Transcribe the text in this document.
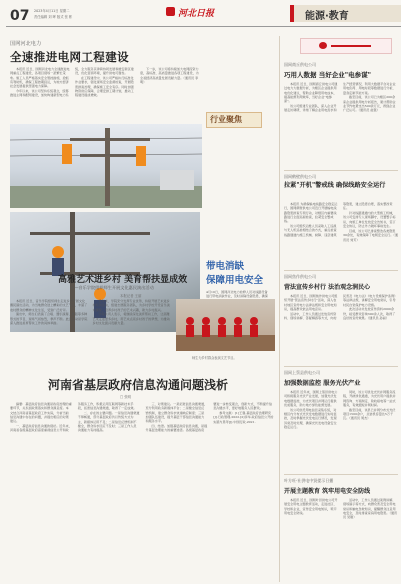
07 2023年4月11日 星期二
责任编辑 刘 晖 版式 张 彬	河北日报	能源·教育
国网河北电力
全速推进电网工程建设

本报讯 近日，国网河北电力全速推进电网重点工程建设，各项目现场一派繁忙景象。施工人员严格落实安全管控措施，抢抓有利时机，确保工程按期投运，为地方经济社会发展提供坚强电力保障。

今年以来，该公司坚持系统观念，统筹推进主网和配网建设，加快构建新型电力系统，全力服务京津冀协同发展和雄安新区建设，优化营商环境，提升供电可靠性。

在工程建设中，该公司严格执行标准化作业要求，强化现场安全监督检查，开展隐患排查治理，确保施工安全有序。同时加强物资供应保障，合理安排工期计划，推动工程建设提质增效。

下一步，该公司将持续加大电网投资力度，高标准、高质量推进各项工程建设，为全省经济高质量发展贡献力量。（通讯员 李明）

行业聚焦
带电消缺
保障用电安全

4月10日，国网河北电力检修人员对线路设备进行带电消缺作业，及时消除设备隐患，确保

高雅艺术进乡村 美育帮扶显成效
——音乐学院组织师生开展文化惠民演出活动
本报记者 王丽

本报讯 近日，音乐学院组织师生走进乡村开展文化惠民演出活动，为当地群众送上精彩的文艺节目，丰富了农村群众的精神文化生活，受到广泛好评。

演出中，师生们表演了合唱、器乐演奏、舞蹈等多种形式的节目，现场气氛热烈，掌声不断。此次活动是学院深入推进美育帮扶工作的具体举措。

近年来，学院充分发挥专业优势，持续开展艺术进乡村系列活动，组建志愿服务团队，为乡村学校开设音乐美术课程，培养乡村孩子的艺术兴趣，助力乡村振兴。

学院负责人表示，将继续深化美育帮扶工作，让高雅艺术走进更多乡村，用艺术点亮乡村孩子的梦想，为推动乡村文化振兴贡献力量。

师生为乡村群众表演文艺节目。
河南省基层政府信息沟通问题浅析
□ 张明

摘要：基层政府信息沟通是政府治理的重要环节，关系到政策落实和群众满意度。本文结合河南省基层政府工作实际，分析当前信息沟通中存在的问题，并提出相应的对策建议。

一、基层政府信息沟通的现状。近年来，河南省各级基层政府高度重视信息公开和政务服务工作，积极运用互联网等新技术手段，拓宽信息沟通渠道，取得了一定成效。

二、存在的主要问题。一是信息沟通渠道不够畅通，部分基层政府仍以传统方式为主，新媒体运用不足；二是信息反馈机制不健全，群众诉求回应不及时；三是工作人员沟通能力有待提高。

三、对策建议。一是拓宽信息沟通渠道，充分利用政务新媒体平台；二是健全信息反馈机制，建立群众诉求快速响应制度；三是加强队伍建设，提升基层干部信息沟通能力和服务水平。

四、结语。加强基层政府信息沟通，是提升基层治理能力的重要途径。各级基层政府要进一步转变观念，创新方式，不断提升信息沟通水平，更好地服务人民群众。

参考文献：[1]王强.基层政府治理研究[J].行政管理,2022.[2]李华.政府信息公开的实践与思考[J].中国行政,2021.

国网商丘供电公司
巧用人数据 当好企业"电参谋"

本报讯 近日，国网商丘供电公司通过电力大数据分析，为辖区企业提供用电优化建议，帮助企业降低用电成本，提高能源利用效率，当好企业"电参谋"。

该公司组建专业团队，深入企业开展走访调研，详细了解企业用电需求和生产经营情况，利用大数据平台对企业用电负荷、用电时段等数据进行分析，量身定制节能方案。

截至目前，该公司已为辖区200余家企业提供用电分析报告，累计帮助企业节约电费支出500余万元，得到企业广泛认可。（通讯员 赵强）

国网鹤壁供电公司
拉紧"开机"警戒线 确保线路安全运行

本报讯 为确保输电线路安全稳定运行，国网鹤壁供电公司近日开展输电线路隐患排查专项行动，对辖区内重要线路进行全面巡视检查，拉紧安全警戒线。

该公司组织运维人员采取人工巡视与无人机巡检相结合的方式，重点检查线路通道内施工机械、树障、违章建筑等隐患，建立隐患台账，落实整改责任。

针对线路通道内的大型施工机械，该公司安排专人现场蹲守，设置警示标识，向施工单位发放安全告知书，签订安全协议，防止外力破坏事故发生。

目前，该公司已排查整治各类隐患30余处，有效保障了电网安全运行。（通讯员 刘芳）

国网焦作供电公司
营法宣传乡村行 法治观念润民心

本报讯 近日，国网焦作供电公司组织开展"营法宣传乡村行"活动，深入农村地区宣传电力法律法规和安全用电知识，提高群众依法用电意识。

活动中，工作人员通过发放宣传资料、现场讲解、答疑解惑等方式，向村民普及《电力法》《电力设施保护条例》等法律法规，讲解安全用电常识，引导村民自觉保护电力设施。

此次活动共发放宣传资料2000余份，接受群众咨询300余人次，取得了良好的宣传效果。（通讯员 孙丽）

国网上蔡县供电公司
加强数据监控 服务光伏产业

本报讯 近年来，国网上蔡县供电公司积极服务光伏产业发展，加强光伏发电数据监控，为光伏项目并网运行提供优质服务，助力地方绿色能源发展。

该公司依托用电信息采集系统，对辖区内分布式光伏发电数据进行实时监控，及时掌握光伏发电运行情况，发现异常及时处理，确保光伏发电设备安全稳定运行。

同时，该公司优化光伏并网服务流程，开辟绿色通道，为光伏用户提供并网咨询、方案制定、验收接电等一站式服务，有效缩短并网时间。

截至目前，该县已并网分布式光伏项目1500余户，总装机容量达5万千瓦。（通讯员 周杰）

叶方旺·社供电中贤提示日播
开展主题教育 筑牢用电安全防线

本报讯 近日，国网叶县供电公司开展安全用电主题教育活动，走进社区、学校和企业，宣传安全用电知识，筑牢用电安全防线。

活动中，工作人员通过案例讲解、现场演示等方式，向群众普及安全用电常识和触电急救知识，提醒群众注意用电安全，及时排查家庭用电隐患。（通讯员 吴刚）
